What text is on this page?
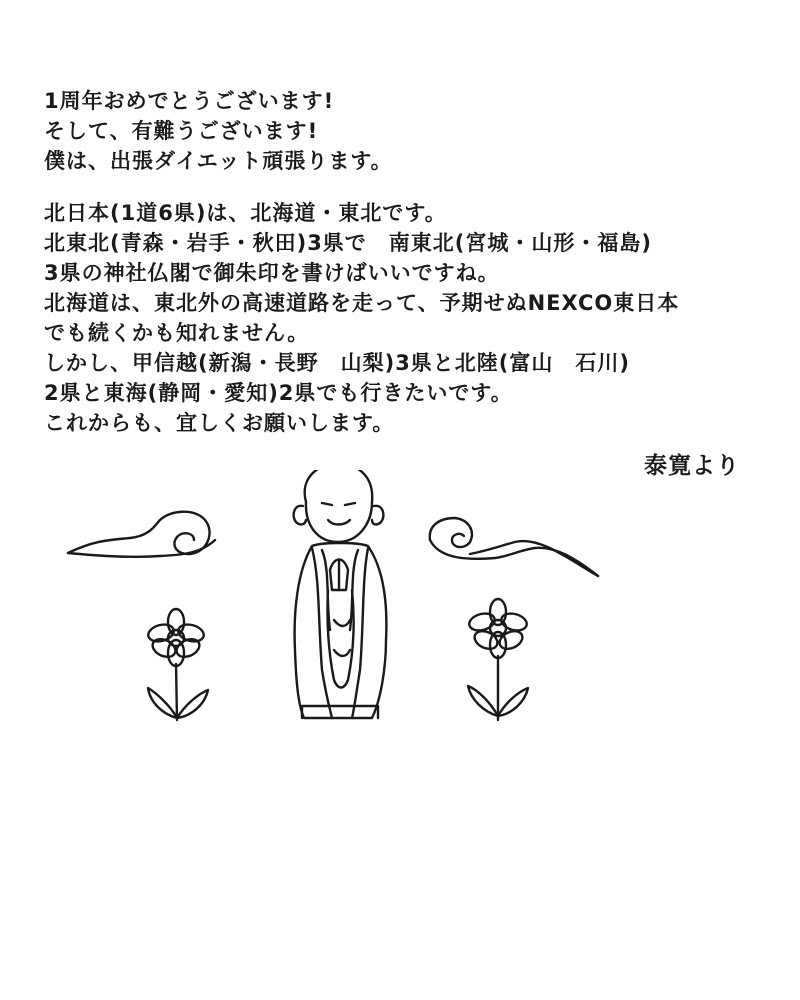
1周年おめでとうございます!
そして、有難うございます!
僕は、出張ダイエット頑張ります。

北日本(1道6県)は、北海道・東北です。
北東北(青森・岩手・秋田)3県で　南東北(宮城・山形・福島)
3県の神社仏閣で御朱印を書けばいいですね。
北海道は、東北外の高速道路を走って、予期せぬNEXCO東日本
でも続くかも知れません。
しかし、甲信越(新潟・長野　山梨)3県と北陸(富山　石川)
2県と東海(静岡・愛知)2県でも行きたいです。
これからも、宜しくお願いします。

泰寛より
